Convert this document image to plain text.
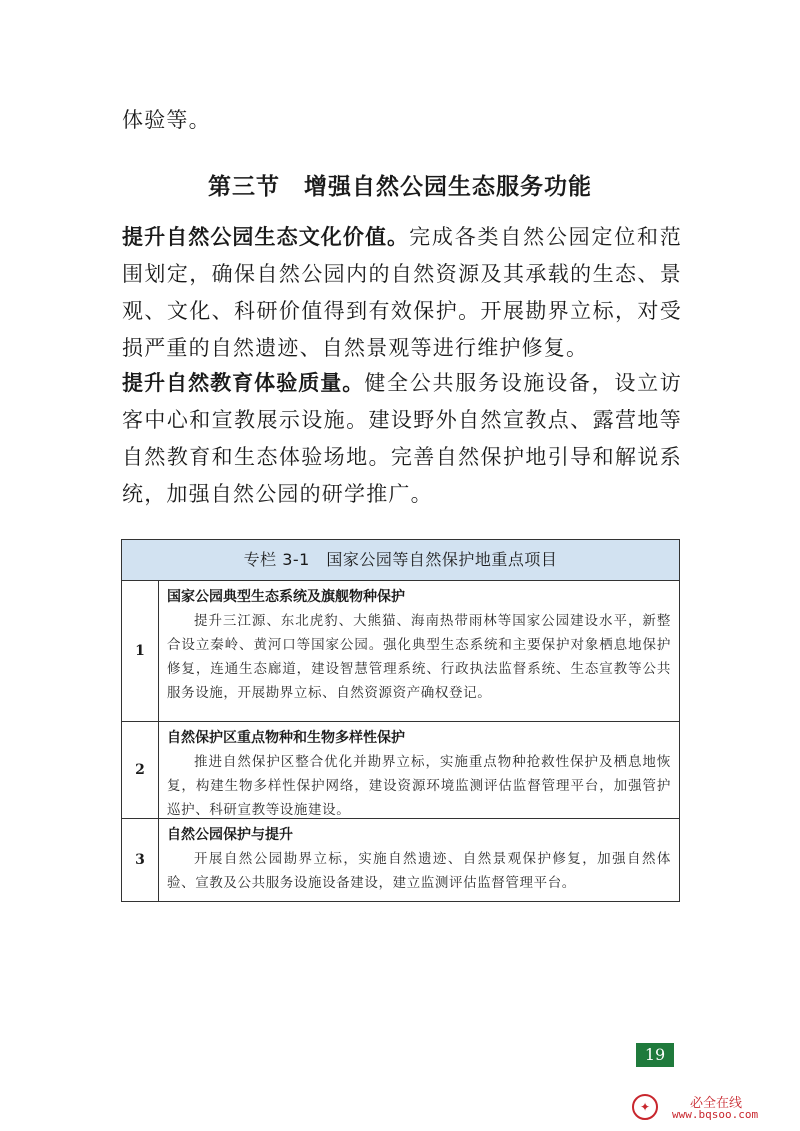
体验等。

第三节　增强自然公园生态服务功能

提升自然公园生态文化价值。完成各类自然公园定位和范围划定，确保自然公园内的自然资源及其承载的生态、景观、文化、科研价值得到有效保护。开展勘界立标，对受损严重的自然遗迹、自然景观等进行维护修复。

提升自然教育体验质量。健全公共服务设施设备，设立访客中心和宣教展示设施。建设野外自然宣教点、露营地等自然教育和生态体验场地。完善自然保护地引导和解说系统，加强自然公园的研学推广。

专栏 3-1　国家公园等自然保护地重点项目
1
国家公园典型生态系统及旗舰物种保护
提升三江源、东北虎豹、大熊猫、海南热带雨林等国家公园建设水平，新整合设立秦岭、黄河口等国家公园。强化典型生态系统和主要保护对象栖息地保护修复，连通生态廊道，建设智慧管理系统、行政执法监督系统、生态宣教等公共服务设施，开展勘界立标、自然资源资产确权登记。
2
自然保护区重点物种和生物多样性保护
推进自然保护区整合优化并勘界立标，实施重点物种抢救性保护及栖息地恢复，构建生物多样性保护网络，建设资源环境监测评估监督管理平台，加强管护巡护、科研宣教等设施建设。
3
自然公园保护与提升
开展自然公园勘界立标，实施自然遗迹、自然景观保护修复，加强自然体验、宣教及公共服务设施设备建设，建立监测评估监督管理平台。
19
✦	必全在线
www.bqsoo.com
